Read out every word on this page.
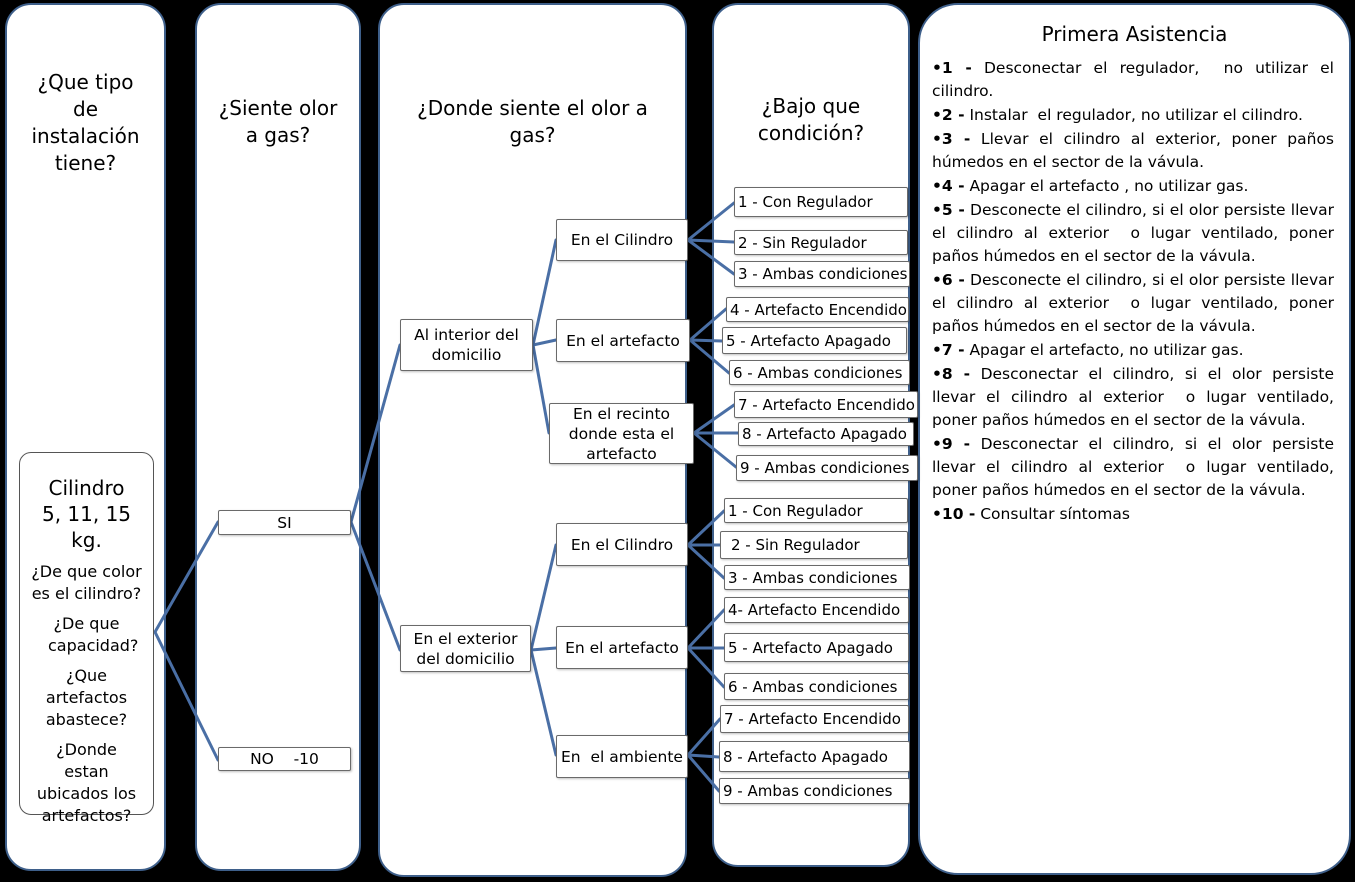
¿Que tipo de instalación tiene?
¿Siente olor a gas?
¿Donde siente el olor a gas?
¿Bajo que condición?
Primera Asistencia
•1 - Desconectar el regulador,  no utilizar el cilindro.
•2 - Instalar  el regulador, no utilizar el cilindro.
•3 - Llevar el cilindro al exterior, poner paños húmedos en el sector de la vávula.
•4 - Apagar el artefacto , no utilizar gas.
•5 - Desconecte el cilindro, si el olor persiste llevar el cilindro al exterior  o lugar ventilado, poner paños húmedos en el sector de la vávula.
•6 - Desconecte el cilindro, si el olor persiste llevar el cilindro al exterior  o lugar ventilado, poner paños húmedos en el sector de la vávula.
•7 - Apagar el artefacto, no utilizar gas.
•8 - Desconectar el cilindro, si el olor persiste llevar el cilindro al exterior  o lugar ventilado, poner paños húmedos en el sector de la vávula.
•9 - Desconectar el cilindro, si el olor persiste llevar el cilindro al exterior  o lugar ventilado, poner paños húmedos en el sector de la vávula.
•10 - Consultar síntomas
Cilindro 5, 11, 15 kg.
¿De que color es el cilindro?
¿De que capacidad?
¿Que artefactos abastece?
¿Donde estan ubicados los artefactos?
SI
NO    -10
Al interior del domicilio
En el exterior del domicilio
En el Cilindro
En el artefacto
En el recinto donde esta el artefacto
En el Cilindro
En el artefacto
En  el ambiente
1 - Con Regulador
2 - Sin Regulador
3 - Ambas condiciones
4 - Artefacto Encendido
5 - Artefacto Apagado
6 - Ambas condiciones
7 - Artefacto Encendido
8 - Artefacto Apagado
9 - Ambas condiciones
1 - Con Regulador
2 - Sin Regulador
3 - Ambas condiciones
4- Artefacto Encendido
5 - Artefacto Apagado
6 - Ambas condiciones
7 - Artefacto Encendido
8 - Artefacto Apagado
9 - Ambas condiciones
